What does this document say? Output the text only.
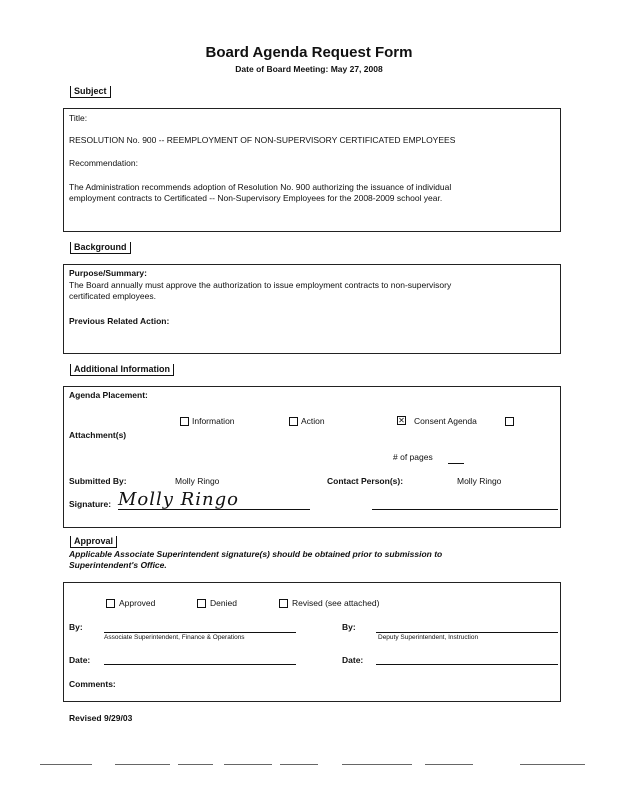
Board Agenda Request Form
Date of Board Meeting: May 27, 2008
Subject
Title:
RESOLUTION No. 900 -- REEMPLOYMENT OF NON-SUPERVISORY CERTIFICATED EMPLOYEES
Recommendation:
The Administration recommends adoption of Resolution No. 900 authorizing the issuance of individual
employment contracts to Certificated -- Non-Supervisory Employees for the 2008-2009 school year.
Background
Purpose/Summary:
The Board annually must approve the authorization to issue employment contracts to non-supervisory
certificated employees.
Previous Related Action:
Additional Information
Agenda Placement:
Information	Action	✕ Consent Agenda
Attachment(s)
# of pages
Submitted By:	Molly Ringo	Contact Person(s):	Molly Ringo
Signature: Molly Ringo
Approval
Applicable Associate Superintendent signature(s) should be obtained prior to submission to
Superintendent's Office.
Approved	Denied	Revised (see attached)
By:
Associate Superintendent, Finance & Operations
By:
Deputy Superintendent, Instruction
Date:	Date:
Comments:
Revised 9/29/03
